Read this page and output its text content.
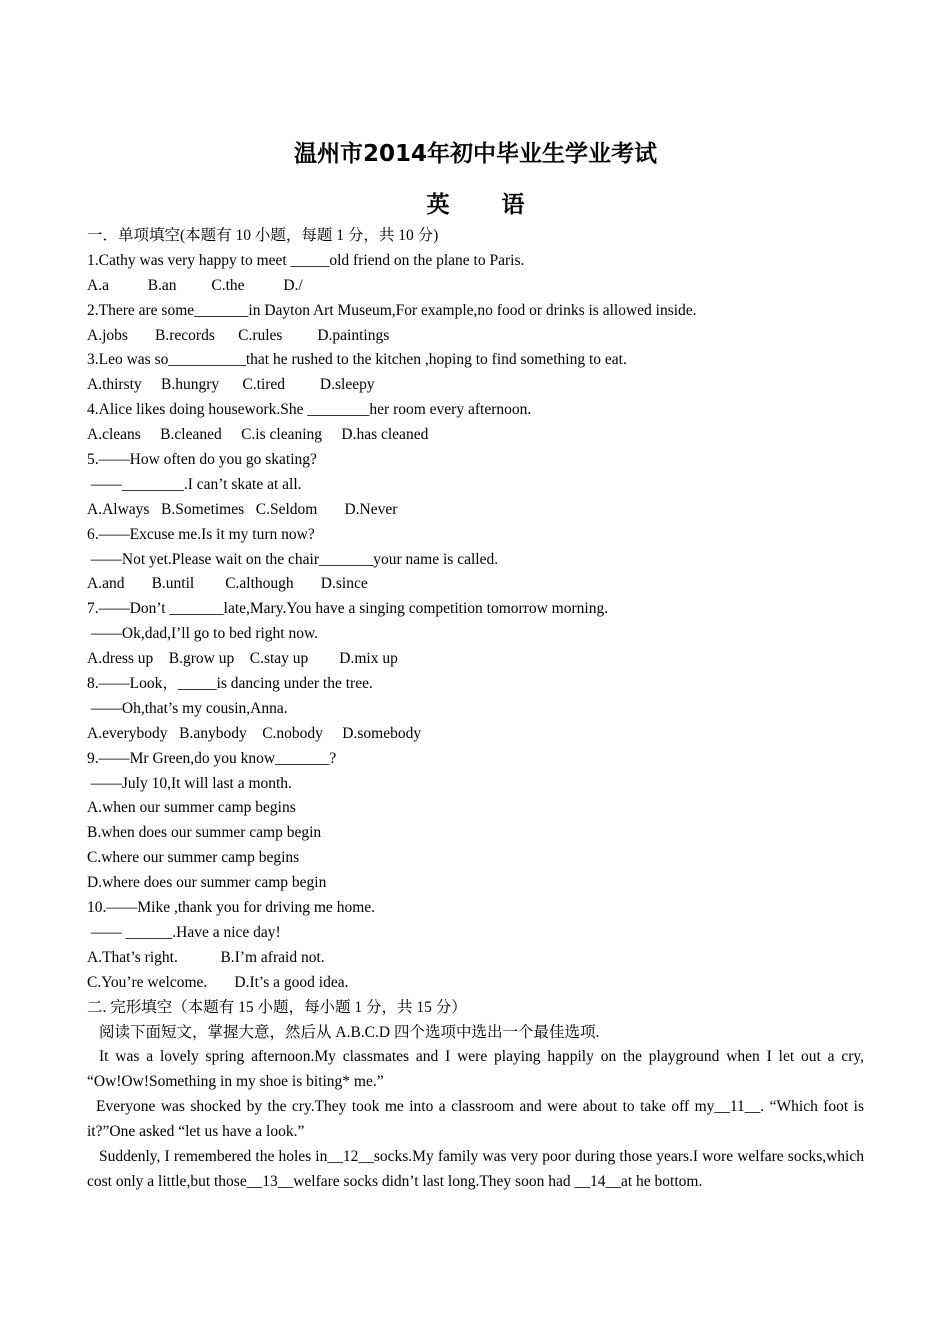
温州市2014年初中毕业生学业考试
英 语
一．单项填空(本题有 10 小题，每题 1 分，共 10 分)
1.Cathy was very happy to meet _____old friend on the plane to Paris.
A.a          B.an         C.the          D./
2.There are some_______in Dayton Art Museum,For example,no food or drinks is allowed inside.
A.jobs       B.records      C.rules         D.paintings
3.Leo was so__________that he rushed to the kitchen ,hoping to find something to eat.
A.thirsty     B.hungry      C.tired         D.sleepy
4.Alice likes doing housework.She ________her room every afternoon.
A.cleans     B.cleaned     C.is cleaning     D.has cleaned
5.——How often do you go skating?
——________.I can’t skate at all.
A.Always   B.Sometimes   C.Seldom       D.Never
6.——Excuse me.Is it my turn now?
——Not yet.Please wait on the chair_______your name is called.
A.and       B.until        C.although       D.since
7.——Don’t _______late,Mary.You have a singing competition tomorrow morning.
——Ok,dad,I’ll go to bed right now.
A.dress up    B.grow up    C.stay up        D.mix up
8.——Look，_____is dancing under the tree.
——Oh,that’s my cousin,Anna.
A.everybody   B.anybody    C.nobody     D.somebody
9.——Mr Green,do you know_______?
——July 10,It will last a month.
A.when our summer camp begins
B.when does our summer camp begin
C.where our summer camp begins
D.where does our summer camp begin
10.——Mike ,thank you for driving me home.
—— ______.Have a nice day!
A.That’s right.           B.I’m afraid not.
C.You’re welcome.       D.It’s a good idea.
二. 完形填空（本题有 15 小题，每小题 1 分，共 15 分）
阅读下面短文，掌握大意，然后从 A.B.C.D 四个选项中选出一个最佳选项.
It was a lovely spring afternoon.My classmates and I were playing happily on the playground when I let out a cry, “Ow!Ow!Something in my shoe is biting* me.”
Everyone was shocked by the cry.They took me into a classroom and were about to take off my__11__. “Which foot is it?”One asked “let us have a look.”
Suddenly, I remembered the holes in__12__socks.My family was very poor during those years.I wore welfare socks,which cost only a little,but those__13__welfare socks didn’t last long.They soon had __14__at he bottom.
